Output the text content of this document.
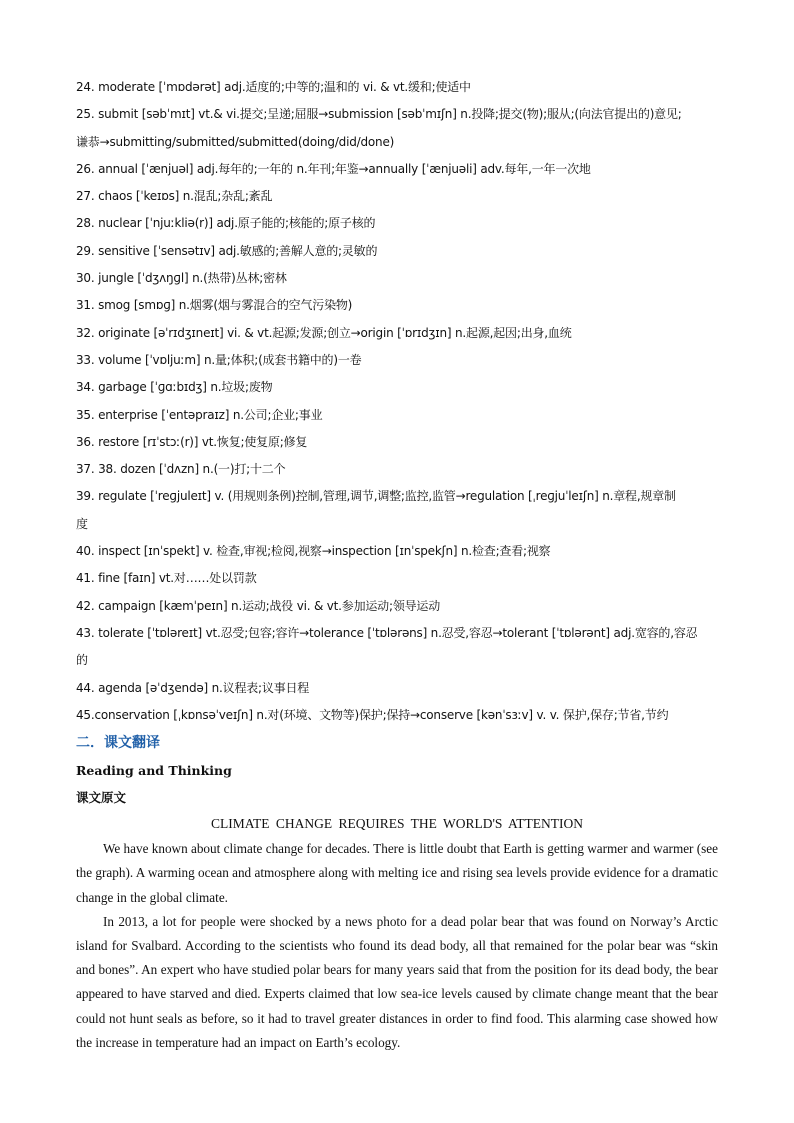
24. moderate [ˈmɒdərət] adj.适度的;中等的;温和的 vi. & vt.缓和;使适中
25. submit [səbˈmɪt] vt.& vi.提交;呈递;屈服→submission [səbˈmɪʃn] n.投降;提交(物);服从;(向法官提出的)意见;
谦恭→submitting/submitted/submitted(doing/did/done)
26. annual [ˈænjuəl] adj.每年的;一年的 n.年刊;年鉴→annually [ˈænjuəli] adv.每年,一年一次地
27. chaos [ˈkeɪɒs] n.混乱;杂乱;紊乱
28. nuclear [ˈnjuːkliə(r)] adj.原子能的;核能的;原子核的
29. sensitive [ˈsensətɪv] adj.敏感的;善解人意的;灵敏的
30. jungle [ˈdʒʌŋɡl] n.(热带)丛林;密林
31. smog [smɒɡ] n.烟雾(烟与雾混合的空气污染物)
32. originate [əˈrɪdʒɪneɪt] vi. & vt.起源;发源;创立→origin [ˈɒrɪdʒɪn] n.起源,起因;出身,血统
33. volume [ˈvɒljuːm] n.量;体积;(成套书籍中的)一卷
34. garbage [ˈɡɑːbɪdʒ] n.垃圾;废物
35. enterprise [ˈentəpraɪz] n.公司;企业;事业
36. restore [rɪˈstɔː(r)] vt.恢复;使复原;修复
37. 38. dozen [ˈdʌzn] n.(一)打;十二个
39. regulate [ˈreɡjuleɪt] v. (用规则条例)控制,管理,调节,调整;监控,监管→regulation [ˌreɡjuˈleɪʃn] n.章程,规章制
度
40. inspect [ɪnˈspekt] v. 检查,审视;检阅,视察→inspection [ɪnˈspekʃn] n.检查;查看;视察
41. fine [faɪn] vt.对……处以罚款
42. campaign [kæmˈpeɪn] n.运动;战役 vi. & vt.参加运动;领导运动
43. tolerate [ˈtɒləreɪt] vt.忍受;包容;容许→tolerance [ˈtɒlərəns] n.忍受,容忍→tolerant [ˈtɒlərənt] adj.宽容的,容忍
的
44. agenda [əˈdʒendə] n.议程表;议事日程
45.conservation [ˌkɒnsəˈveɪʃn] n.对(环境、文物等)保护;保持→conserve [kənˈsɜːv] v. v. 保护,保存;节省,节约
二．课文翻译
Reading and Thinking
课文原文
CLIMATE CHANGE REQUIRES THE WORLD'S ATTENTION

We have known about climate change for decades. There is little doubt that Earth is getting warmer and warmer (see the graph). A warming ocean and atmosphere along with melting ice and rising sea levels provide evidence for a dramatic change in the global climate.

In 2013, a lot for people were shocked by a news photo for a dead polar bear that was found on Norway’s Arctic island for Svalbard. According to the scientists who found its dead body, all that remained for the polar bear was “skin and bones”. An expert who have studied polar bears for many years said that from the position for its dead body, the bear appeared to have starved and died. Experts claimed that low sea-ice levels caused by climate change meant that the bear could not hunt seals as before, so it had to travel greater distances in order to find food. This alarming case showed how the increase in temperature had an impact on Earth’s ecology.
